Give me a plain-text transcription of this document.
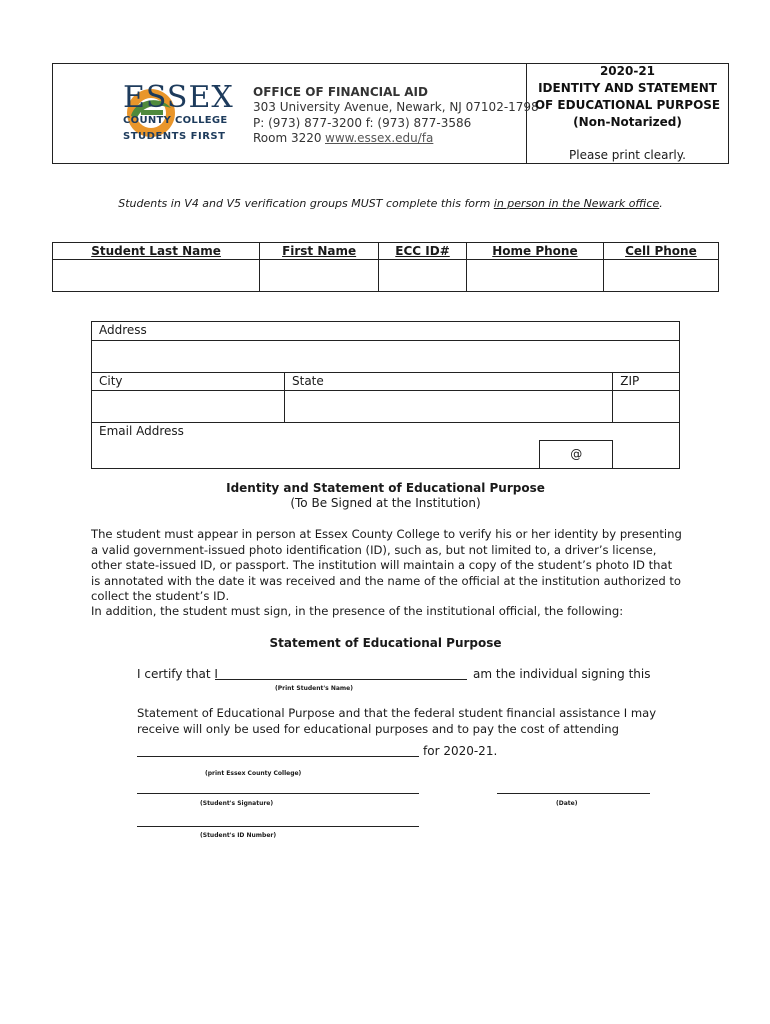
ESSEX
COUNTY COLLEGE
STUDENTS FIRST
OFFICE OF FINANCIAL AID
303 University Avenue, Newark, NJ 07102-1798
P: (973) 877-3200 f: (973) 877-3586
Room 3220 www.essex.edu/fa
2020-21
IDENTITY AND STATEMENT
OF EDUCATIONAL PURPOSE
(Non-Notarized)
Please print clearly.
Students in V4 and V5 verification groups MUST complete this form in person in the Newark office.
Student Last Name	First Name	ECC ID#	Home Phone	Cell Phone

Address			

City	State		ZIP

Email Address			
		@	
Identity and Statement of Educational Purpose
(To Be Signed at the Institution)
The student must appear in person at Essex County College to verify his or her identity by presenting a valid government-issued photo identification (ID), such as, but not limited to, a driver’s license, other state-issued ID, or passport. The institution will maintain a copy of the student’s photo ID that is annotated with the date it was received and the name of the official at the institution authorized to collect the student’s ID.
In addition, the student must sign, in the presence of the institutional official, the following:
Statement of Educational Purpose
I certify that I	am the individual signing this
(Print Student's Name)
Statement of Educational Purpose and that the federal student financial assistance I may receive will only be used for educational purposes and to pay the cost of attending
for 2020-21.
(print Essex County College)
(Student's Signature)	(Date)
(Student's ID Number)
